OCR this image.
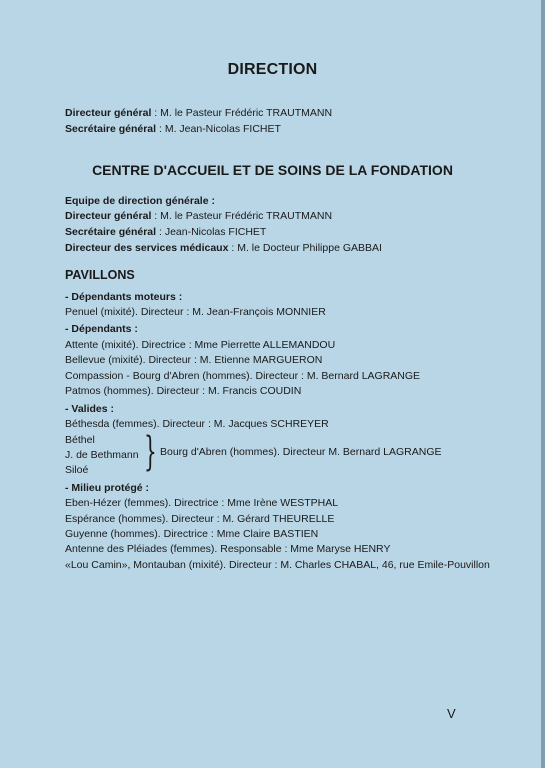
DIRECTION
Directeur général : M. le Pasteur Frédéric TRAUTMANN
Secrétaire général : M. Jean-Nicolas FICHET
CENTRE D'ACCUEIL ET DE SOINS DE LA FONDATION
Equipe de direction générale :
Directeur général : M. le Pasteur Frédéric TRAUTMANN
Secrétaire général : Jean-Nicolas FICHET
Directeur des services médicaux : M. le Docteur Philippe GABBAI
PAVILLONS
- Dépendants moteurs :
Penuel (mixité). Directeur : M. Jean-François MONNIER
- Dépendants :
Attente (mixité). Directrice : Mme Pierrette ALLEMANDOU
Bellevue (mixité). Directeur : M. Etienne MARGUERON
Compassion - Bourg d'Abren (hommes). Directeur : M. Bernard LAGRANGE
Patmos (hommes). Directeur : M. Francis COUDIN
- Valides :
Béthesda (femmes). Directeur : M. Jacques SCHREYER
Béthel
J. de Bethmann
Siloé } Bourg d'Abren (hommes). Directeur M. Bernard LAGRANGE
- Milieu protégé :
Eben-Hézer (femmes). Directrice : Mme Irène WESTPHAL
Espérance (hommes). Directeur : M. Gérard THEURELLE
Guyenne (hommes). Directrice : Mme Claire BASTIEN
Antenne des Pléiades (femmes). Responsable : Mme Maryse HENRY
«Lou Camin», Montauban (mixité). Directeur : M. Charles CHABAL, 46, rue Emile-Pouvillon
V
